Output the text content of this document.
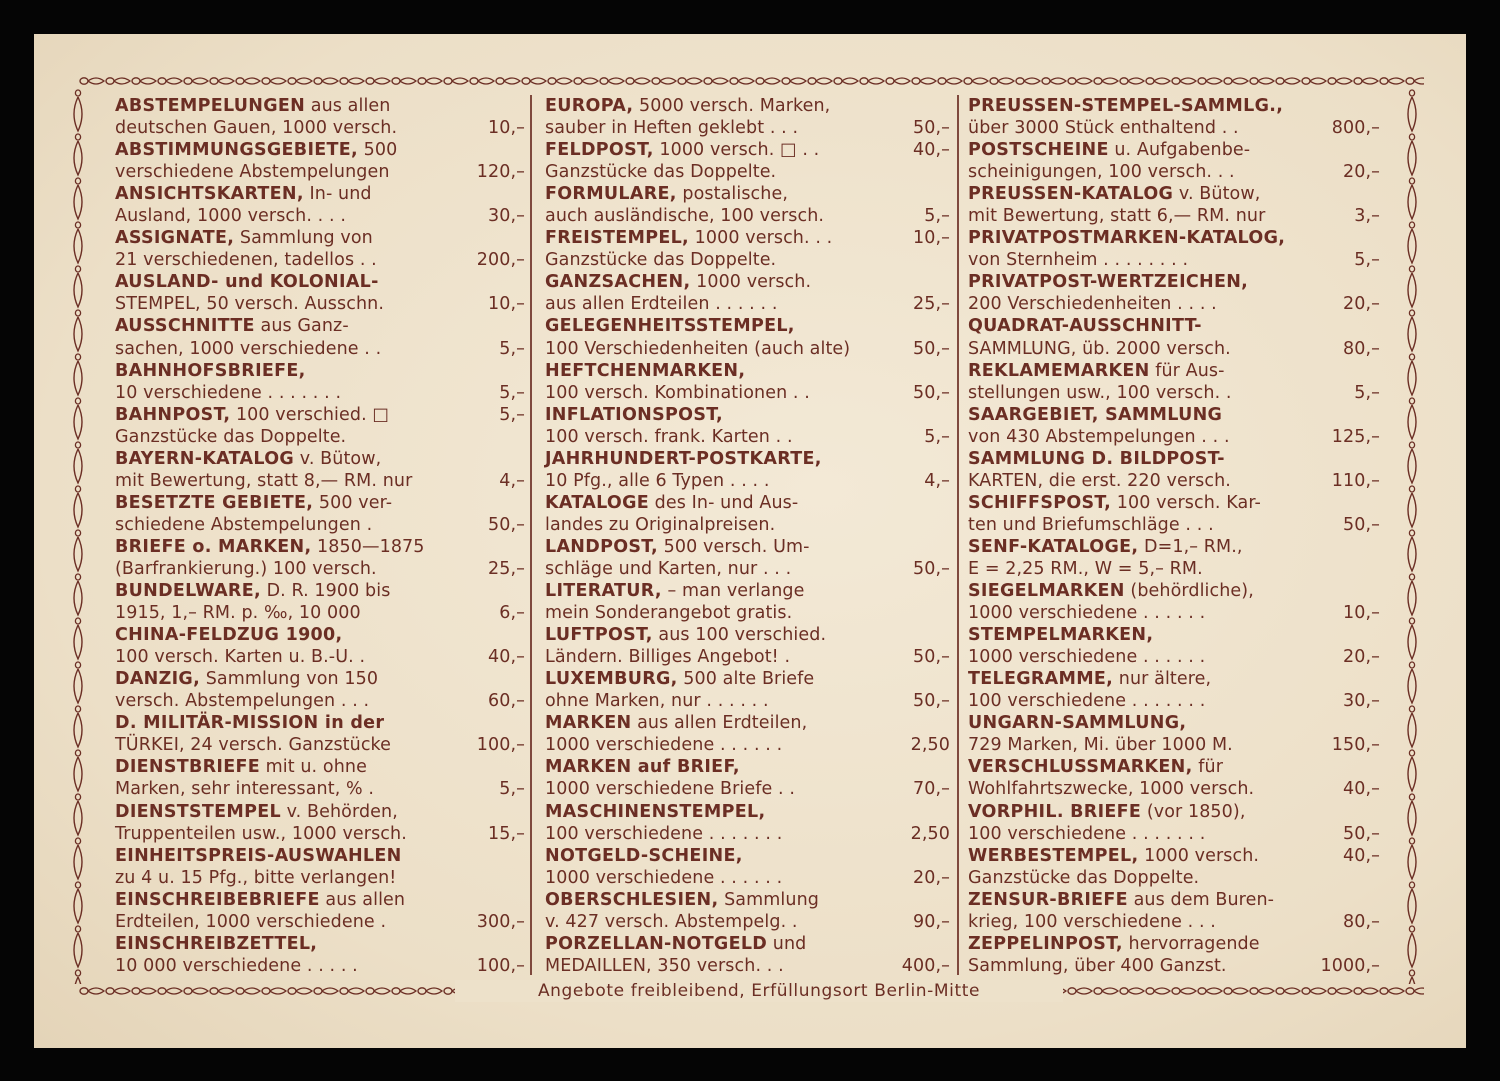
ABSTEMPELUNGEN aus allen
deutschen Gauen, 1000 versch.	10,–
ABSTIMMUNGSGEBIETE, 500
verschiedene Abstempelungen	120,–
ANSICHTSKARTEN, In- und
Ausland, 1000 versch. . . .	30,–
ASSIGNATE, Sammlung von
21 verschiedenen, tadellos . .	200,–
AUSLAND- und KOLONIAL-
STEMPEL, 50 versch. Ausschn.	10,–
AUSSCHNITTE aus Ganz-
sachen, 1000 verschiedene . .	5,–
BAHNHOFSBRIEFE,
10 verschiedene . . . . . . .	5,–
BAHNPOST, 100 verschied. □	5,–
Ganzstücke das Doppelte.
BAYERN-KATALOG v. Bütow,
mit Bewertung, statt 8,— RM. nur	4,–
BESETZTE GEBIETE, 500 ver-
schiedene Abstempelungen .	50,–
BRIEFE o. MARKEN, 1850—1875
(Barfrankierung.) 100 versch.	25,–
BUNDELWARE, D. R. 1900 bis
1915, 1,– RM. p. ‰, 10 000	6,–
CHINA-FELDZUG 1900,
100 versch. Karten u. B.-U. .	40,–
DANZIG, Sammlung von 150
versch. Abstempelungen . . .	60,–
D. MILITÄR-MISSION in der
TÜRKEI, 24 versch. Ganzstücke	100,–
DIENSTBRIEFE mit u. ohne
Marken, sehr interessant, % .	5,–
DIENSTSTEMPEL v. Behörden,
Truppenteilen usw., 1000 versch.	15,–
EINHEITSPREIS-AUSWAHLEN
zu 4 u. 15 Pfg., bitte verlangen!
EINSCHREIBEBRIEFE aus allen
Erdteilen, 1000 verschiedene .	300,–
EINSCHREIBZETTEL,
10 000 verschiedene . . . . .	100,–
EUROPA, 5000 versch. Marken,
sauber in Heften geklebt . . .	50,–
FELDPOST, 1000 versch. □ . .	40,–
Ganzstücke das Doppelte.
FORMULARE, postalische,
auch ausländische, 100 versch.	5,–
FREISTEMPEL, 1000 versch. . .	10,–
Ganzstücke das Doppelte.
GANZSACHEN, 1000 versch.
aus allen Erdteilen . . . . . .	25,–
GELEGENHEITSSTEMPEL,
100 Verschiedenheiten (auch alte)	50,–
HEFTCHENMARKEN,
100 versch. Kombinationen . .	50,–
INFLATIONSPOST,
100 versch. frank. Karten . .	5,–
JAHRHUNDERT-POSTKARTE,
10 Pfg., alle 6 Typen . . . .	4,–
KATALOGE des In- und Aus-
landes zu Originalpreisen.
LANDPOST, 500 versch. Um-
schläge und Karten, nur . . .	50,–
LITERATUR, – man verlange
mein Sonderangebot gratis.
LUFTPOST, aus 100 verschied.
Ländern. Billiges Angebot! .	50,–
LUXEMBURG, 500 alte Briefe
ohne Marken, nur . . . . . .	50,–
MARKEN aus allen Erdteilen,
1000 verschiedene . . . . . .	2,50
MARKEN auf BRIEF,
1000 verschiedene Briefe . .	70,–
MASCHINENSTEMPEL,
100 verschiedene . . . . . . .	2,50
NOTGELD-SCHEINE,
1000 verschiedene . . . . . .	20,–
OBERSCHLESIEN, Sammlung
v. 427 versch. Abstempelg. .	90,–
PORZELLAN-NOTGELD und
MEDAILLEN, 350 versch. . .	400,–
PREUSSEN-STEMPEL-SAMMLG.,
über 3000 Stück enthaltend . .	800,–
POSTSCHEINE u. Aufgabenbe-
scheinigungen, 100 versch. . .	20,–
PREUSSEN-KATALOG v. Bütow,
mit Bewertung, statt 6,— RM. nur	3,–
PRIVATPOSTMARKEN-KATALOG,
von Sternheim . . . . . . . .	5,–
PRIVATPOST-WERTZEICHEN,
200 Verschiedenheiten . . . .	20,–
QUADRAT-AUSSCHNITT-
SAMMLUNG, üb. 2000 versch.	80,–
REKLAMEMARKEN für Aus-
stellungen usw., 100 versch. .	5,–
SAARGEBIET, SAMMLUNG
von 430 Abstempelungen . . .	125,–
SAMMLUNG D. BILDPOST-
KARTEN, die erst. 220 versch.	110,–
SCHIFFSPOST, 100 versch. Kar-
ten und Briefumschläge . . .	50,–
SENF-KATALOGE, D=1,– RM.,
E = 2,25 RM., W = 5,– RM.
SIEGELMARKEN (behördliche),
1000 verschiedene . . . . . .	10,–
STEMPELMARKEN,
1000 verschiedene . . . . . .	20,–
TELEGRAMME, nur ältere,
100 verschiedene . . . . . . .	30,–
UNGARN-SAMMLUNG,
729 Marken, Mi. über 1000 M.	150,–
VERSCHLUSSMARKEN, für
Wohlfahrtszwecke, 1000 versch.	40,–
VORPHIL. BRIEFE (vor 1850),
100 verschiedene . . . . . . .	50,–
WERBESTEMPEL, 1000 versch.	40,–
Ganzstücke das Doppelte.
ZENSUR-BRIEFE aus dem Buren-
krieg, 100 verschiedene . . .	80,–
ZEPPELINPOST, hervorragende
Sammlung, über 400 Ganzst.	1000,–
Angebote freibleibend, Erfüllungsort Berlin-Mitte
